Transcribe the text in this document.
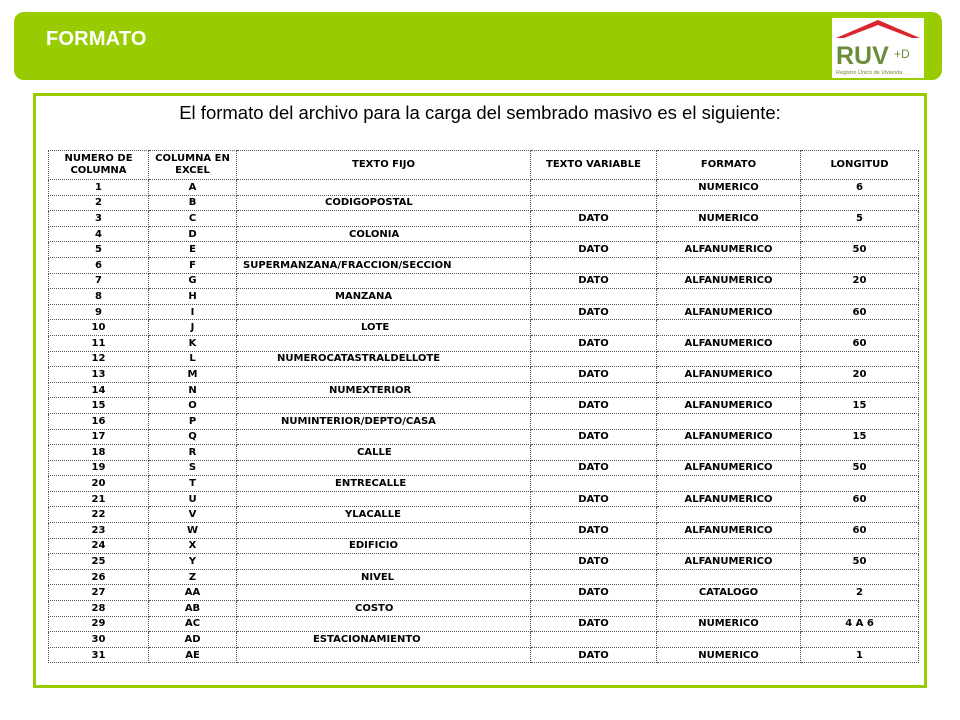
FORMATO
RUV +D
Registro Único de Vivienda
El formato del archivo para la carga del sembrado masivo es el siguiente:
NUMERO DE COLUMNA	COLUMNA EN EXCEL	TEXTO FIJO	TEXTO VARIABLE	FORMATO	LONGITUD
1	A			NUMERICO	6
2	B	CODIGOPOSTAL			
3	C		DATO	NUMERICO	5
4	D	COLONIA			
5	E		DATO	ALFANUMERICO	50
6	F	SUPERMANZANA/FRACCION/SECCION			
7	G		DATO	ALFANUMERICO	20
8	H	MANZANA			
9	I		DATO	ALFANUMERICO	60
10	J	LOTE			
11	K		DATO	ALFANUMERICO	60
12	L	NUMEROCATASTRALDELLOTE			
13	M		DATO	ALFANUMERICO	20
14	N	NUMEXTERIOR			
15	O		DATO	ALFANUMERICO	15
16	P	NUMINTERIOR/DEPTO/CASA			
17	Q		DATO	ALFANUMERICO	15
18	R	CALLE			
19	S		DATO	ALFANUMERICO	50
20	T	ENTRECALLE			
21	U		DATO	ALFANUMERICO	60
22	V	YLACALLE			
23	W		DATO	ALFANUMERICO	60
24	X	EDIFICIO			
25	Y		DATO	ALFANUMERICO	50
26	Z	NIVEL			
27	AA		DATO	CATALOGO	2
28	AB	COSTO			
29	AC		DATO	NUMERICO	4 A 6
30	AD	ESTACIONAMIENTO			
31	AE		DATO	NUMERICO	1
